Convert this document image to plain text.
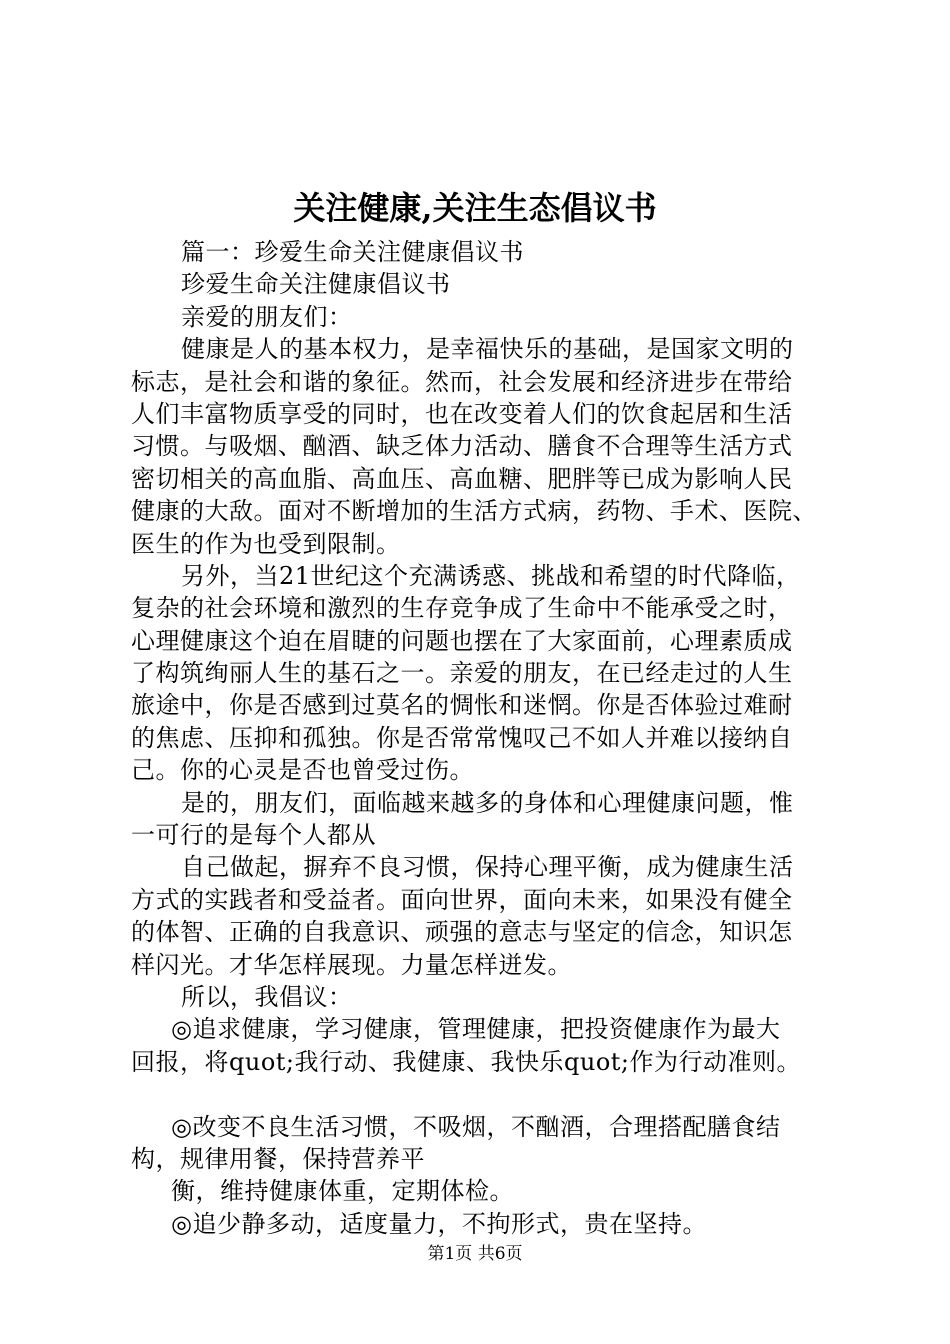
关注健康,关注生态倡议书
篇一：珍爱生命关注健康倡议书
珍爱生命关注健康倡议书
亲爱的朋友们：
健康是人的基本权力，是幸福快乐的基础，是国家文明的
标志，是社会和谐的象征。然而，社会发展和经济进步在带给
人们丰富物质享受的同时，也在改变着人们的饮食起居和生活
习惯。与吸烟、酗酒、缺乏体力活动、膳食不合理等生活方式
密切相关的高血脂、高血压、高血糖、肥胖等已成为影响人民
健康的大敌。面对不断增加的生活方式病，药物、手术、医院、
医生的作为也受到限制。
另外，当21世纪这个充满诱惑、挑战和希望的时代降临，
复杂的社会环境和激烈的生存竞争成了生命中不能承受之时，
心理健康这个迫在眉睫的问题也摆在了大家面前，心理素质成
了构筑绚丽人生的基石之一。亲爱的朋友，在已经走过的人生
旅途中，你是否感到过莫名的惆怅和迷惘。你是否体验过难耐
的焦虑、压抑和孤独。你是否常常愧叹己不如人并难以接纳自
己。你的心灵是否也曾受过伤。
是的，朋友们，面临越来越多的身体和心理健康问题，惟
一可行的是每个人都从
自己做起，摒弃不良习惯，保持心理平衡，成为健康生活
方式的实践者和受益者。面向世界，面向未来，如果没有健全
的体智、正确的自我意识、顽强的意志与坚定的信念，知识怎
样闪光。才华怎样展现。力量怎样迸发。
所以，我倡议：
◎追求健康，学习健康，管理健康，把投资健康作为最大
回报，将quot;我行动、我健康、我快乐quot;作为行动准则。
◎改变不良生活习惯，不吸烟，不酗酒，合理搭配膳食结
构，规律用餐，保持营养平
衡，维持健康体重，定期体检。
◎追少静多动，适度量力，不拘形式，贵在坚持。
第1页 共6页
